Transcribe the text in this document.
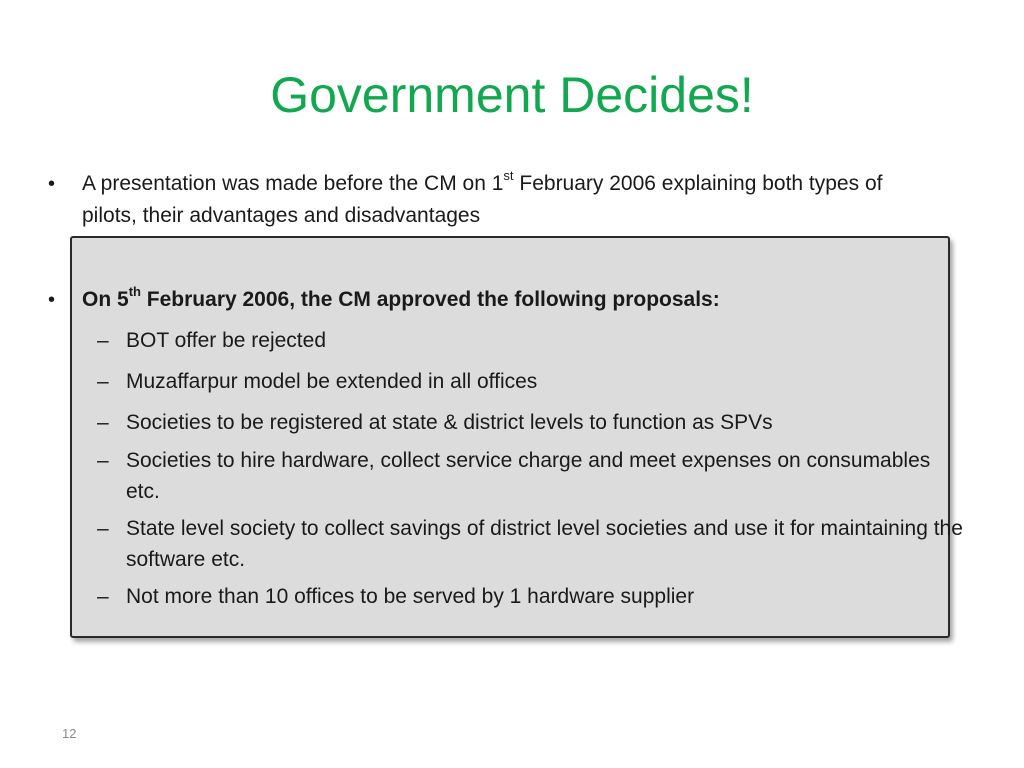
Government Decides!
• A presentation was made before the CM on 1st February 2006 explaining both types of pilots, their advantages and disadvantages
• On 5th February 2006, the CM approved the following proposals:
– BOT offer be rejected
– Muzaffarpur model be extended in all offices
– Societies to be registered at state & district levels to function as SPVs
– Societies to hire hardware, collect service charge and meet expenses on consumables etc.
– State level society to collect savings of district level societies and use it for maintaining the software etc.
– Not more than 10 offices to be served by 1 hardware supplier
12
